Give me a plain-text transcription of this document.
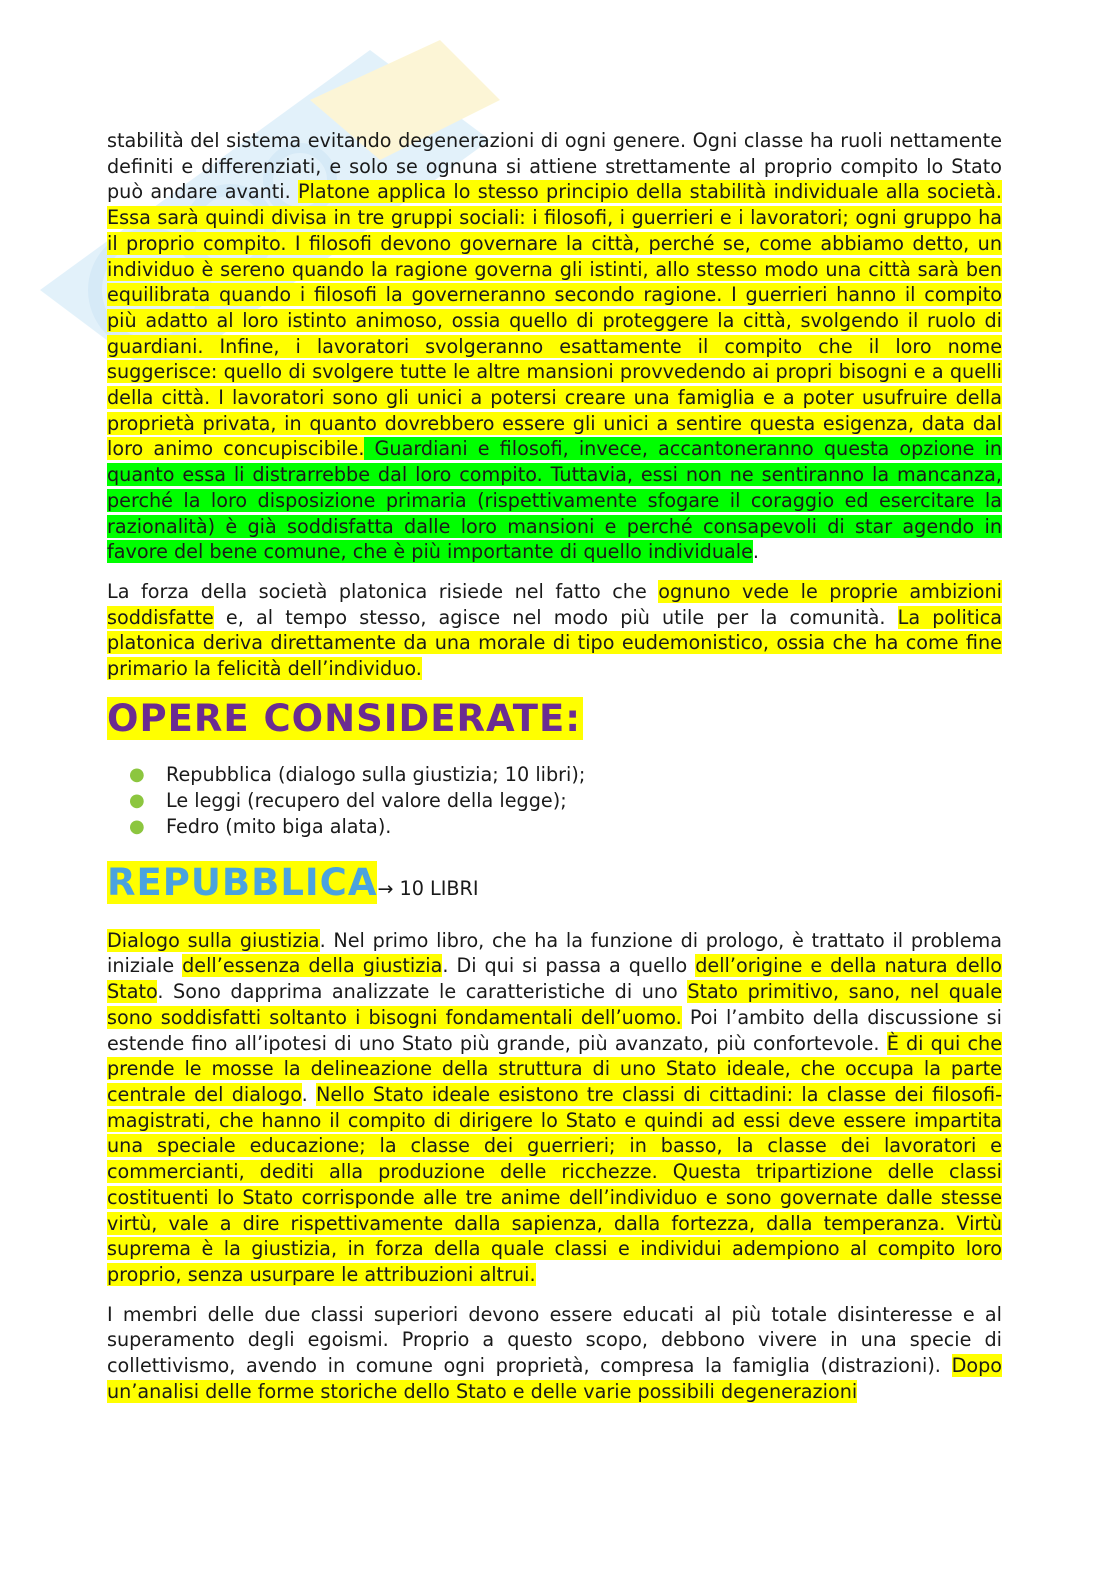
stabilità del sistema evitando degenerazioni di ogni genere. Ogni classe ha ruoli nettamente definiti e differenziati, e solo se ognuna si attiene strettamente al proprio compito lo Stato può andare avanti. Platone applica lo stesso principio della stabilità individuale alla società. Essa sarà quindi divisa in tre gruppi sociali: i filosofi, i guerrieri e i lavoratori; ogni gruppo ha il proprio compito. I filosofi devono governare la città, perché se, come abbiamo detto, un individuo è sereno quando la ragione governa gli istinti, allo stesso modo una città sarà ben equilibrata quando i filosofi la governeranno secondo ragione. I guerrieri hanno il compito più adatto al loro istinto animoso, ossia quello di proteggere la città, svolgendo il ruolo di guardiani. Infine, i lavoratori svolgeranno esattamente il compito che il loro nome suggerisce: quello di svolgere tutte le altre mansioni provvedendo ai propri bisogni e a quelli della città. I lavoratori sono gli unici a potersi creare una famiglia e a poter usufruire della proprietà privata, in quanto dovrebbero essere gli unici a sentire questa esigenza, data dal loro animo concupiscibile. Guardiani e filosofi, invece, accantoneranno questa opzione in quanto essa li distrarrebbe dal loro compito. Tuttavia, essi non ne sentiranno la mancanza, perché la loro disposizione primaria (rispettivamente sfogare il coraggio ed esercitare la razionalità) è già soddisfatta dalle loro mansioni e perché consapevoli di star agendo in favore del bene comune, che è più importante di quello individuale.

La forza della società platonica risiede nel fatto che ognuno vede le proprie ambizioni soddisfatte e, al tempo stesso, agisce nel modo più utile per la comunità. La politica platonica deriva direttamente da una morale di tipo eudemonistico, ossia che ha come fine primario la felicità dell’individuo.

OPERE CONSIDERATE:
● Repubblica (dialogo sulla giustizia; 10 libri);
● Le leggi (recupero del valore della legge);
● Fedro (mito biga alata).
REPUBBLICA→ 10 LIBRI

Dialogo sulla giustizia. Nel primo libro, che ha la funzione di prologo, è trattato il problema iniziale dell’essenza della giustizia. Di qui si passa a quello dell’origine e della natura dello Stato. Sono dapprima analizzate le caratteristiche di uno Stato primitivo, sano, nel quale sono soddisfatti soltanto i bisogni fondamentali dell’uomo. Poi l’ambito della discussione si estende fino all’ipotesi di uno Stato più grande, più avanzato, più confortevole. È di qui che prende le mosse la delineazione della struttura di uno Stato ideale, che occupa la parte centrale del dialogo. Nello Stato ideale esistono tre classi di cittadini: la classe dei filosofi-magistrati, che hanno il compito di dirigere lo Stato e quindi ad essi deve essere impartita una speciale educazione; la classe dei guerrieri; in basso, la classe dei lavoratori e commercianti, dediti alla produzione delle ricchezze. Questa tripartizione delle classi costituenti lo Stato corrisponde alle tre anime dell’individuo e sono governate dalle stesse virtù, vale a dire rispettivamente dalla sapienza, dalla fortezza, dalla temperanza. Virtù suprema è la giustizia, in forza della quale classi e individui adempiono al compito loro proprio, senza usurpare le attribuzioni altrui.

I membri delle due classi superiori devono essere educati al più totale disinteresse e al superamento degli egoismi. Proprio a questo scopo, debbono vivere in una specie di collettivismo, avendo in comune ogni proprietà, compresa la famiglia (distrazioni). Dopo un’analisi delle forme storiche dello Stato e delle varie possibili degenerazioni
